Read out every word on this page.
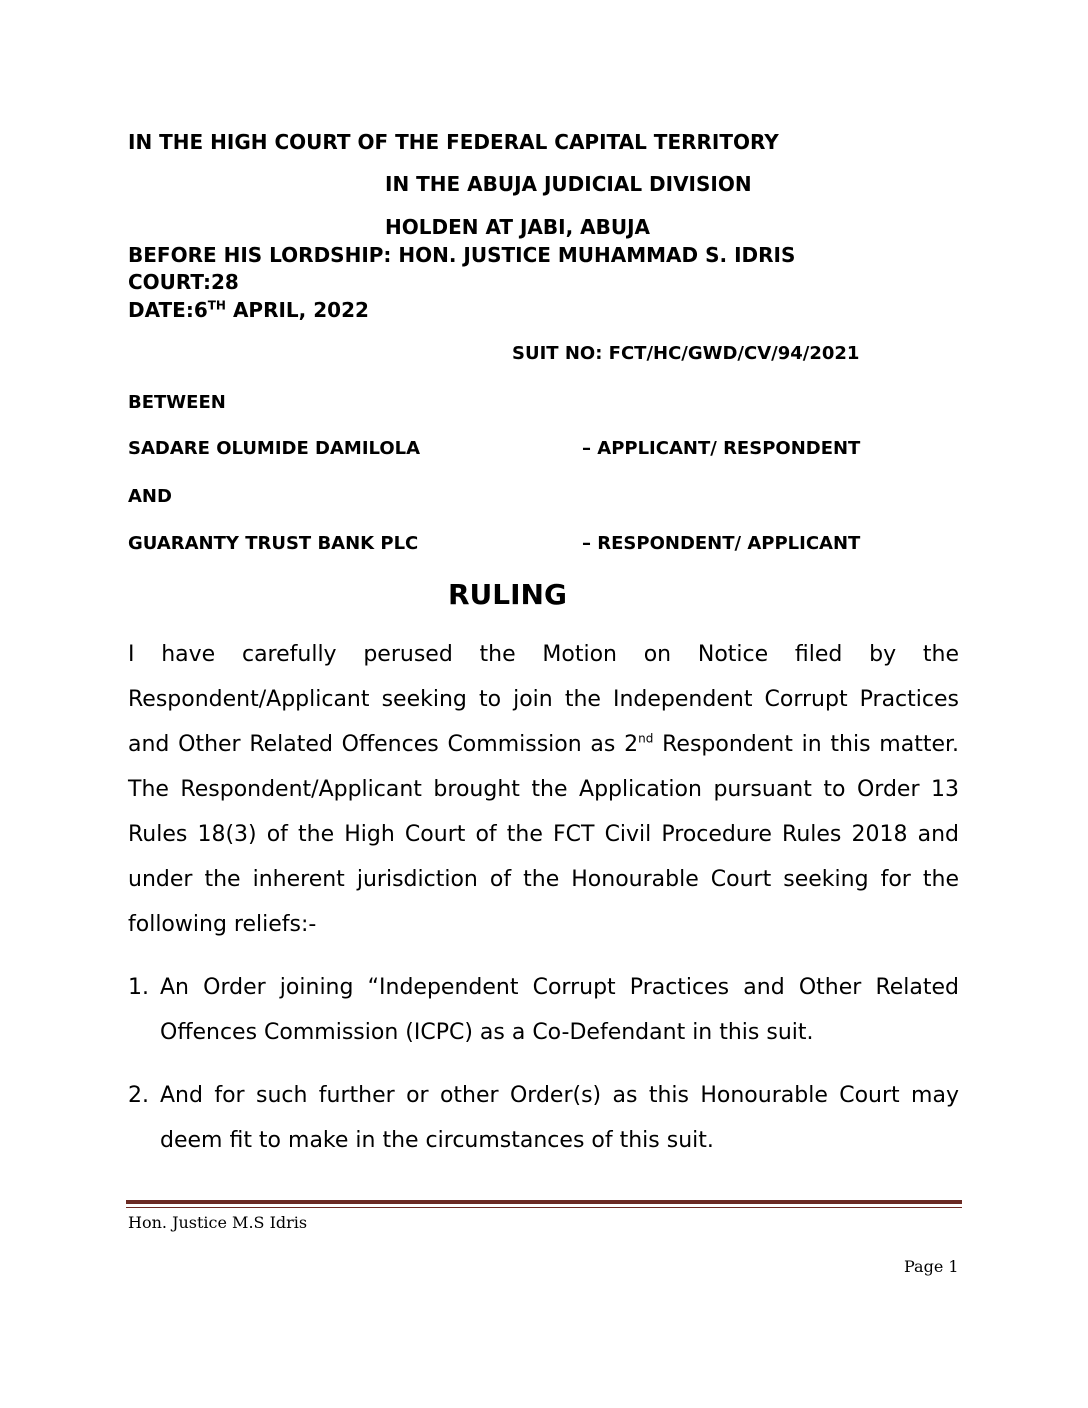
IN THE HIGH COURT OF THE FEDERAL CAPITAL TERRITORY
IN THE ABUJA JUDICIAL DIVISION
HOLDEN AT JABI, ABUJA
BEFORE HIS LORDSHIP: HON. JUSTICE MUHAMMAD S. IDRIS
COURT:28
DATE:6TH APRIL, 2022
SUIT NO: FCT/HC/GWD/CV/94/2021
BETWEEN
SADARE OLUMIDE DAMILOLA	– APPLICANT/ RESPONDENT
AND
GUARANTY TRUST BANK PLC	– RESPONDENT/ APPLICANT
RULING
I have carefully perused the Motion on Notice filed by the
Respondent/Applicant seeking to join the Independent Corrupt Practices
and Other Related Offences Commission as 2nd Respondent in this matter.
The Respondent/Applicant brought the Application pursuant to Order 13
Rules 18(3) of the High Court of the FCT Civil Procedure Rules 2018 and
under the inherent jurisdiction of the Honourable Court seeking for the
following reliefs:-
1. An Order joining “Independent Corrupt Practices and Other Related
Offences Commission (ICPC) as a Co-Defendant in this suit.
2. And for such further or other Order(s) as this Honourable Court may
deem fit to make in the circumstances of this suit.
Hon. Justice M.S Idris
Page 1
